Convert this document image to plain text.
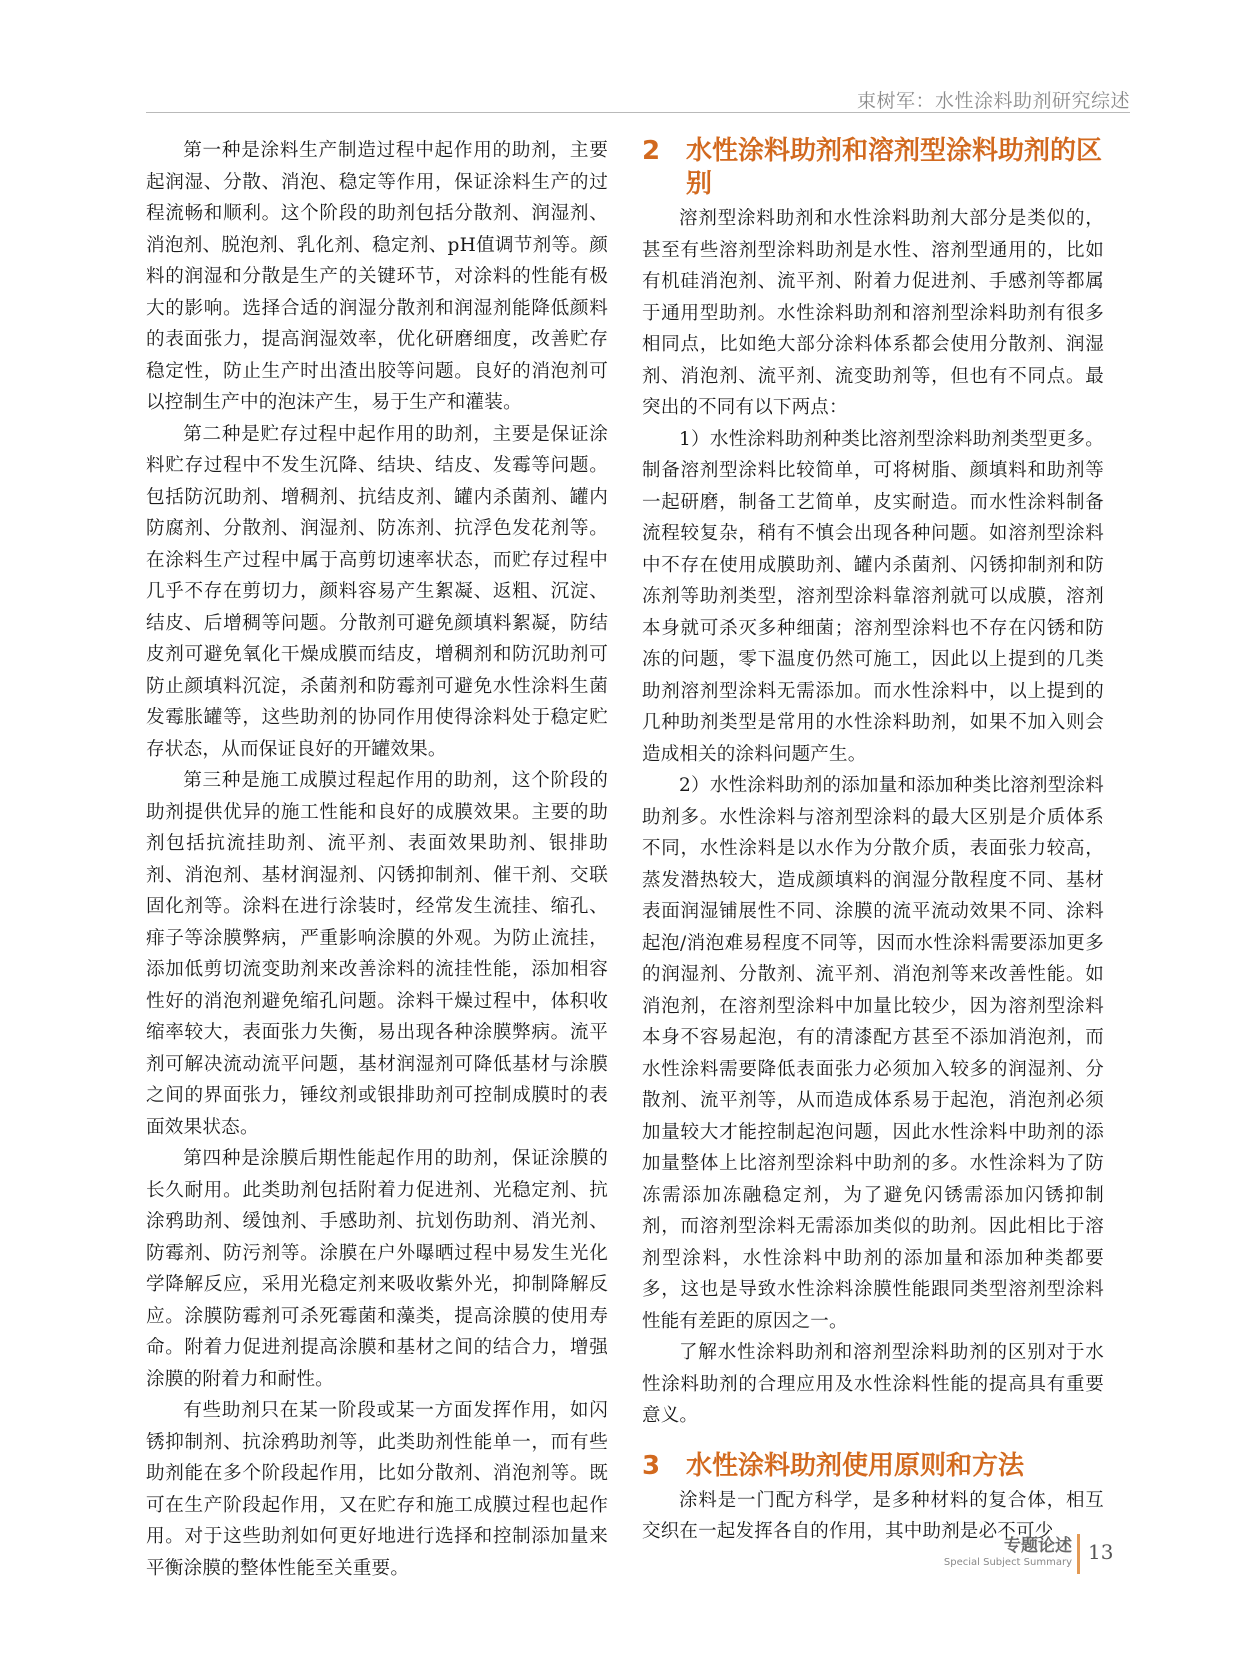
束树军：水性涂料助剂研究综述

第一种是涂料生产制造过程中起作用的助剂，主要起润湿、分散、消泡、稳定等作用，保证涂料生产的过程流畅和顺利。这个阶段的助剂包括分散剂、润湿剂、消泡剂、脱泡剂、乳化剂、稳定剂、pH值调节剂等。颜料的润湿和分散是生产的关键环节，对涂料的性能有极大的影响。选择合适的润湿分散剂和润湿剂能降低颜料的表面张力，提高润湿效率，优化研磨细度，改善贮存稳定性，防止生产时出渣出胶等问题。良好的消泡剂可以控制生产中的泡沫产生，易于生产和灌装。

第二种是贮存过程中起作用的助剂，主要是保证涂料贮存过程中不发生沉降、结块、结皮、发霉等问题。包括防沉助剂、增稠剂、抗结皮剂、罐内杀菌剂、罐内防腐剂、分散剂、润湿剂、防冻剂、抗浮色发花剂等。在涂料生产过程中属于高剪切速率状态，而贮存过程中几乎不存在剪切力，颜料容易产生絮凝、返粗、沉淀、结皮、后增稠等问题。分散剂可避免颜填料絮凝，防结皮剂可避免氧化干燥成膜而结皮，增稠剂和防沉助剂可防止颜填料沉淀，杀菌剂和防霉剂可避免水性涂料生菌发霉胀罐等，这些助剂的协同作用使得涂料处于稳定贮存状态，从而保证良好的开罐效果。

第三种是施工成膜过程起作用的助剂，这个阶段的助剂提供优异的施工性能和良好的成膜效果。主要的助剂包括抗流挂助剂、流平剂、表面效果助剂、银排助剂、消泡剂、基材润湿剂、闪锈抑制剂、催干剂、交联固化剂等。涂料在进行涂装时，经常发生流挂、缩孔、痱子等涂膜弊病，严重影响涂膜的外观。为防止流挂，添加低剪切流变助剂来改善涂料的流挂性能，添加相容性好的消泡剂避免缩孔问题。涂料干燥过程中，体积收缩率较大，表面张力失衡，易出现各种涂膜弊病。流平剂可解决流动流平问题，基材润湿剂可降低基材与涂膜之间的界面张力，锤纹剂或银排助剂可控制成膜时的表面效果状态。

第四种是涂膜后期性能起作用的助剂，保证涂膜的长久耐用。此类助剂包括附着力促进剂、光稳定剂、抗涂鸦助剂、缓蚀剂、手感助剂、抗划伤助剂、消光剂、防霉剂、防污剂等。涂膜在户外曝晒过程中易发生光化学降解反应，采用光稳定剂来吸收紫外光，抑制降解反应。涂膜防霉剂可杀死霉菌和藻类，提高涂膜的使用寿命。附着力促进剂提高涂膜和基材之间的结合力，增强涂膜的附着力和耐性。

有些助剂只在某一阶段或某一方面发挥作用，如闪锈抑制剂、抗涂鸦助剂等，此类助剂性能单一，而有些助剂能在多个阶段起作用，比如分散剂、消泡剂等。既可在生产阶段起作用，又在贮存和施工成膜过程也起作用。对于这些助剂如何更好地进行选择和控制添加量来平衡涂膜的整体性能至关重要。

2 水性涂料助剂和溶剂型涂料助剂的区别

溶剂型涂料助剂和水性涂料助剂大部分是类似的，甚至有些溶剂型涂料助剂是水性、溶剂型通用的，比如有机硅消泡剂、流平剂、附着力促进剂、手感剂等都属于通用型助剂。水性涂料助剂和溶剂型涂料助剂有很多相同点，比如绝大部分涂料体系都会使用分散剂、润湿剂、消泡剂、流平剂、流变助剂等，但也有不同点。最突出的不同有以下两点：

1）水性涂料助剂种类比溶剂型涂料助剂类型更多。制备溶剂型涂料比较简单，可将树脂、颜填料和助剂等一起研磨，制备工艺简单，皮实耐造。而水性涂料制备流程较复杂，稍有不慎会出现各种问题。如溶剂型涂料中不存在使用成膜助剂、罐内杀菌剂、闪锈抑制剂和防冻剂等助剂类型，溶剂型涂料靠溶剂就可以成膜，溶剂本身就可杀灭多种细菌；溶剂型涂料也不存在闪锈和防冻的问题，零下温度仍然可施工，因此以上提到的几类助剂溶剂型涂料无需添加。而水性涂料中，以上提到的几种助剂类型是常用的水性涂料助剂，如果不加入则会造成相关的涂料问题产生。

2）水性涂料助剂的添加量和添加种类比溶剂型涂料助剂多。水性涂料与溶剂型涂料的最大区别是介质体系不同，水性涂料是以水作为分散介质，表面张力较高，蒸发潜热较大，造成颜填料的润湿分散程度不同、基材表面润湿铺展性不同、涂膜的流平流动效果不同、涂料起泡/消泡难易程度不同等，因而水性涂料需要添加更多的润湿剂、分散剂、流平剂、消泡剂等来改善性能。如消泡剂，在溶剂型涂料中加量比较少，因为溶剂型涂料本身不容易起泡，有的清漆配方甚至不添加消泡剂，而水性涂料需要降低表面张力必须加入较多的润湿剂、分散剂、流平剂等，从而造成体系易于起泡，消泡剂必须加量较大才能控制起泡问题，因此水性涂料中助剂的添加量整体上比溶剂型涂料中助剂的多。水性涂料为了防冻需添加冻融稳定剂，为了避免闪锈需添加闪锈抑制剂，而溶剂型涂料无需添加类似的助剂。因此相比于溶剂型涂料，水性涂料中助剂的添加量和添加种类都要多，这也是导致水性涂料涂膜性能跟同类型溶剂型涂料性能有差距的原因之一。

了解水性涂料助剂和溶剂型涂料助剂的区别对于水性涂料助剂的合理应用及水性涂料性能的提高具有重要意义。

3 水性涂料助剂使用原则和方法

涂料是一门配方科学，是多种材料的复合体，相互交织在一起发挥各自的作用，其中助剂是必不可少

专题论述
Special Subject Summary 13
